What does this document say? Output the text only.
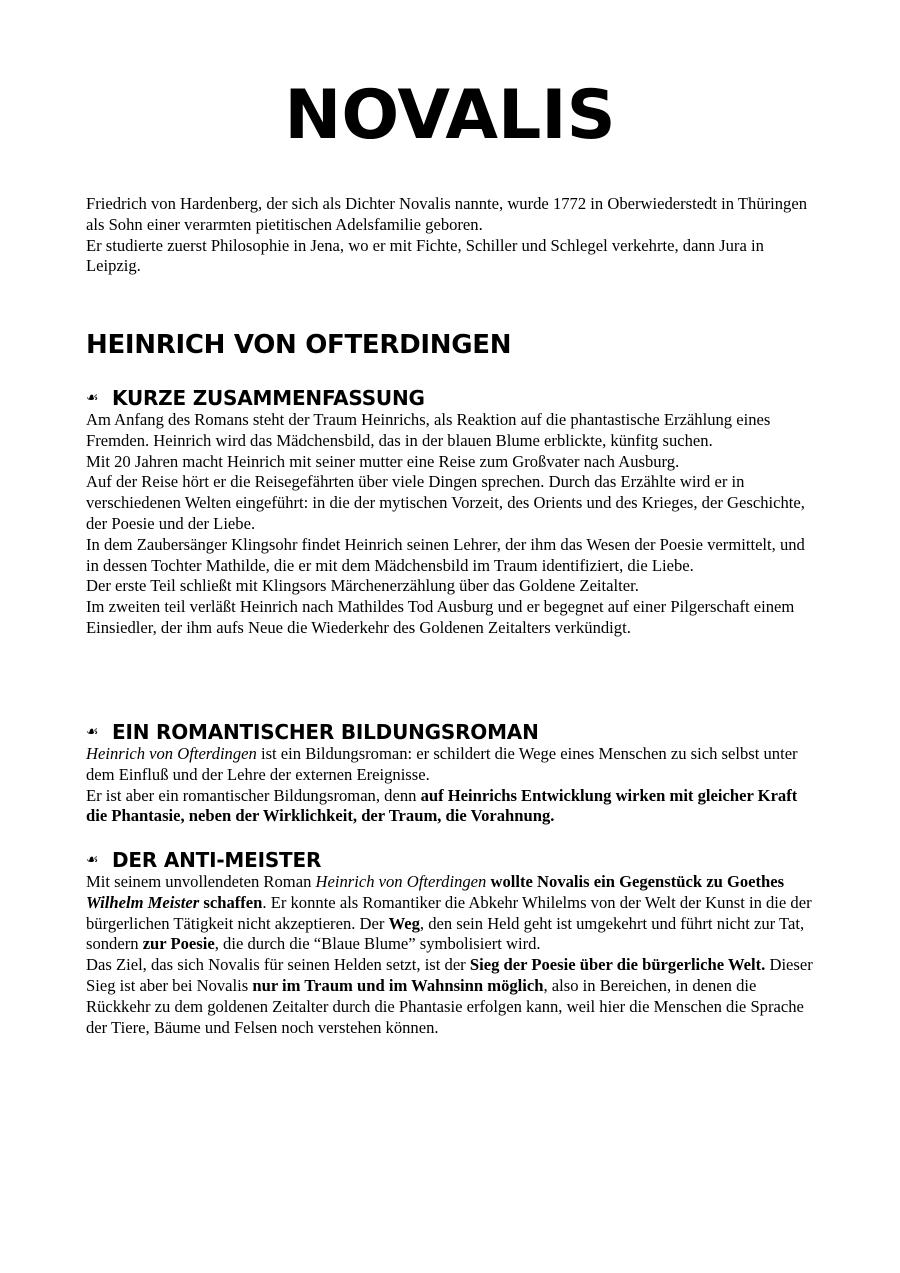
NOVALIS

Friedrich von Hardenberg, der sich als Dichter Novalis nannte, wurde 1772 in Oberwiederstedt in Thüringen als Sohn einer verarmten pietitischen Adelsfamilie geboren.

Er studierte zuerst Philosophie in Jena, wo er mit Fichte, Schiller und Schlegel verkehrte, dann Jura in Leipzig.

HEINRICH VON OFTERDINGEN
☙ KURZE ZUSAMMENFASSUNG

Am Anfang des Romans steht der Traum Heinrichs, als Reaktion auf die phantastische Erzählung eines Fremden. Heinrich wird das Mädchensbild, das in der blauen Blume erblickte, künfitg suchen.

Mit 20 Jahren macht Heinrich mit seiner mutter eine Reise zum Großvater nach Ausburg.

Auf der Reise hört er die Reisegefährten über viele Dingen sprechen. Durch das Erzählte wird er in verschiedenen Welten eingeführt: in die der mytischen Vorzeit, des Orients und des Krieges, der Geschichte, der Poesie und der Liebe.

In dem Zaubersänger Klingsohr findet Heinrich seinen Lehrer, der ihm das Wesen der Poesie vermittelt, und in dessen Tochter Mathilde, die er mit dem Mädchensbild im Traum identifiziert, die Liebe.

Der erste Teil schließt mit Klingsors Märchenerzählung über das Goldene Zeitalter.

Im zweiten teil verläßt Heinrich nach Mathildes Tod Ausburg und er begegnet auf einer Pilgerschaft einem Einsiedler, der ihm aufs Neue die Wiederkehr des Goldenen Zeitalters verkündigt.

☙ EIN ROMANTISCHER BILDUNGSROMAN

Heinrich von Ofterdingen ist ein Bildungsroman: er schildert die Wege eines Menschen zu sich selbst unter dem Einfluß und der Lehre der externen Ereignisse.

Er ist aber ein romantischer Bildungsroman, denn auf Heinrichs Entwicklung wirken mit gleicher Kraft die Phantasie, neben der Wirklichkeit, der Traum, die Vorahnung.

☙ DER ANTI-MEISTER

Mit seinem unvollendeten Roman Heinrich von Ofterdingen wollte Novalis ein Gegenstück zu Goethes Wilhelm Meister schaffen. Er konnte als Romantiker die Abkehr Whilelms von der Welt der Kunst in die der bürgerlichen Tätigkeit nicht akzeptieren. Der Weg, den sein Held geht ist umgekehrt und führt nicht zur Tat, sondern zur Poesie, die durch die “Blaue Blume” symbolisiert wird.

Das Ziel, das sich Novalis für seinen Helden setzt, ist der Sieg der Poesie über die bürgerliche Welt. Dieser Sieg ist aber bei Novalis nur im Traum und im Wahnsinn möglich, also in Bereichen, in denen die Rückkehr zu dem goldenen Zeitalter durch die Phantasie erfolgen kann, weil hier die Menschen die Sprache der Tiere, Bäume und Felsen noch verstehen können.
